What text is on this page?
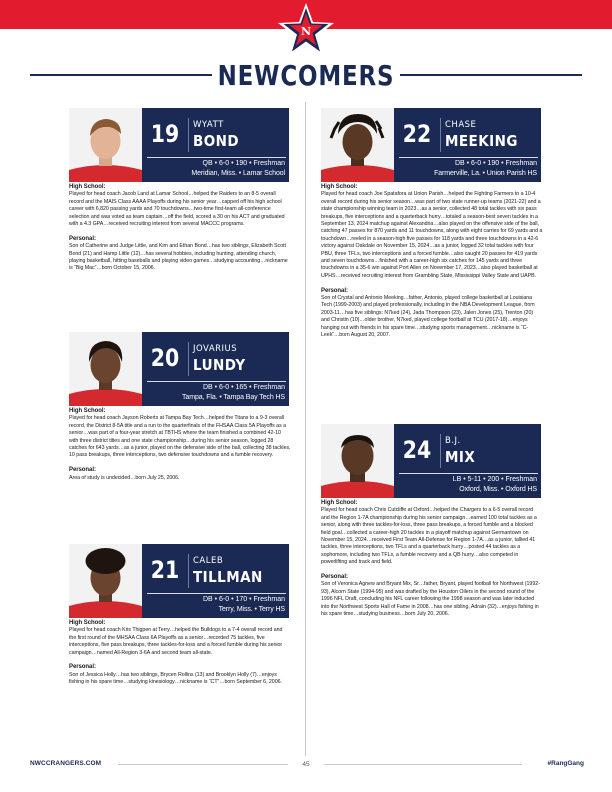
N
NEWCOMERS
19	WYATT
BOND
QB • 6-0 • 190 • Freshman
Meridian, Miss. • Lamar School

High School:
Played for head coach Jacob Land at Lamar School…helped the Raiders to an 8-5 overall record and the MAIS Class AAAA Playoffs during his senior year…capped off his high school career with 6,820 passing yards and 70 touchdowns…two-time first-team all-conference selection and was voted as team captain…off the field, scored a 30 on his ACT and graduated with a 4.3 GPA…received recruiting interest from several MACCC programs.

Personal:
Son of Catherine and Judge Little, and Kim and Ethan Bond…has two siblings, Elizabeth Scott Bond (21) and Hamp Little (12)…has several hobbies, including hunting, attending church, playing basketball, hitting baseballs and playing video games…studying accounting…nickname is “Big Mac”…born October 15, 2006.

20	JOVARIUS
LUNDY
DB • 6-0 • 165 • Freshman
Tampa, Fla. • Tampa Bay Tech HS

High School:
Played for head coach Jayson Roberts at Tampa Bay Tech…helped the Titans to a 9-3 overall record, the District 8-5A title and a run to the quarterfinals of the FHSAA Class 5A Playoffs as a senior…was part of a four-year stretch at TBTHS where the team finished a combined 42-10 with three district titles and one state championship…during his senior season, logged 28 catches for 643 yards…as a junior, played on the defensive side of the ball, collecting 38 tackles, 10 pass breakups, three interceptions, two defensive touchdowns and a fumble recovery.

Personal:
Area of study is undecided…born July 25, 2006.

21	CALEB
TILLMAN
DB • 6-0 • 170 • Freshman
Terry, Miss. • Terry HS

High School:
Played for head coach Kris Thigpen at Terry…helped the Bulldogs to a 7-4 overall record and the first round of the MHSAA Class 6A Playoffs as a senior…recorded 75 tackles, five interceptions, five pass breakups, three tackles-for-loss and a forced fumble during his senior campaign…named All-Region 3-6A and second team all-state.

Personal:
Son of Jessica Holly…has two siblings, Brycen Rollins (13) and Brooklyn Holly (7)…enjoys fishing in his spare time…studying kinesiology…nickname is “CT”…born September 6, 2006.

22	CHASE
MEEKING
DB • 6-0 • 190 • Freshman
Farmerville, La. • Union Parish HS

High School:
Played for head coach Joe Spatafora at Union Parish…helped the Fighting Farmers to a 10-4 overall record during his senior season…was part of two state runner-up teams (2021-22) and a state championship winning team in 2023…as a senior, collected 48 total tackles with six pass breakups, five interceptions and a quarterback hurry…totaled a season-best seven tackles in a September 13, 2024 matchup against Alexandria…also played on the offensive side of the ball, catching 47 passes for 870 yards and 11 touchdowns, along with eight carries for 69 yards and a touchdown…reeled in a season-high five passes for 118 yards and three touchdowns in a 42-6 victory against Oakdale on November 15, 2024…as a junior, logged 32 total tackles with four PBU, three TFLs, two interceptions and a forced fumble…also caught 20 passes for 419 yards and seven touchdowns…finished with a career-high six catches for 145 yards and three touchdowns in a 35-6 win against Port Allen on November 17, 2023…also played basketball at UPHS…received recruiting interest from Grambling State, Mississippi Valley State and UAPB.

Personal:
Son of Crystal and Antonio Meeking…father, Antonio, played college basketball at Louisiana Tech (1999-2003) and played professionally, including in the NBA Development League, from 2003-11…has five siblings: N7ked (24), Jada Thompson (23), Jalen Jones (25), Trenton (20) and Christin (10)…older brother, N7ked, played college football at TCU (2017-18)…enjoys hanging out with friends in his spare time…studying sports management…nickname is “C-Leek”…born August 20, 2007.

24	B.J.
MIX
LB • 5-11 • 200 • Freshman
Oxford, Miss. • Oxford HS

High School:
Played for head coach Chris Cutcliffe at Oxford…helped the Chargers to a 6-5 overall record and the Region 1-7A championship during his senior campaign…earned 100 total tackles as a senior, along with three tackles-for-loss, three pass breakups, a forced fumble and a blocked field goal…collected a career-high 20 tackles in a playoff matchup against Germantown on November 15, 2024…received First Team All-Defense for Region 1-7A…as a junior, tallied 41 tackles, three interceptions, two TFLs and a quarterback hurry…posted 44 tackles as a sophomore, including two TFLs, a fumble recovery and a QB hurry…also competed in powerlifting and track and field.

Personal:
Son of Veronica Agnew and Bryant Mix, Sr…father, Bryant, played football for Northwest (1992-93), Alcorn State (1994-95) and was drafted by the Houston Oilers in the second round of the 1996 NFL Draft, concluding his NFL career following the 1998 season and was later inducted into the Northwest Sports Hall of Fame in 2008…has one sibling, Adrain (32)…enjoys fishing in his spare time…studying business…born July 20, 2006.

NWCCRANGERS.COM	45	#RangGang
